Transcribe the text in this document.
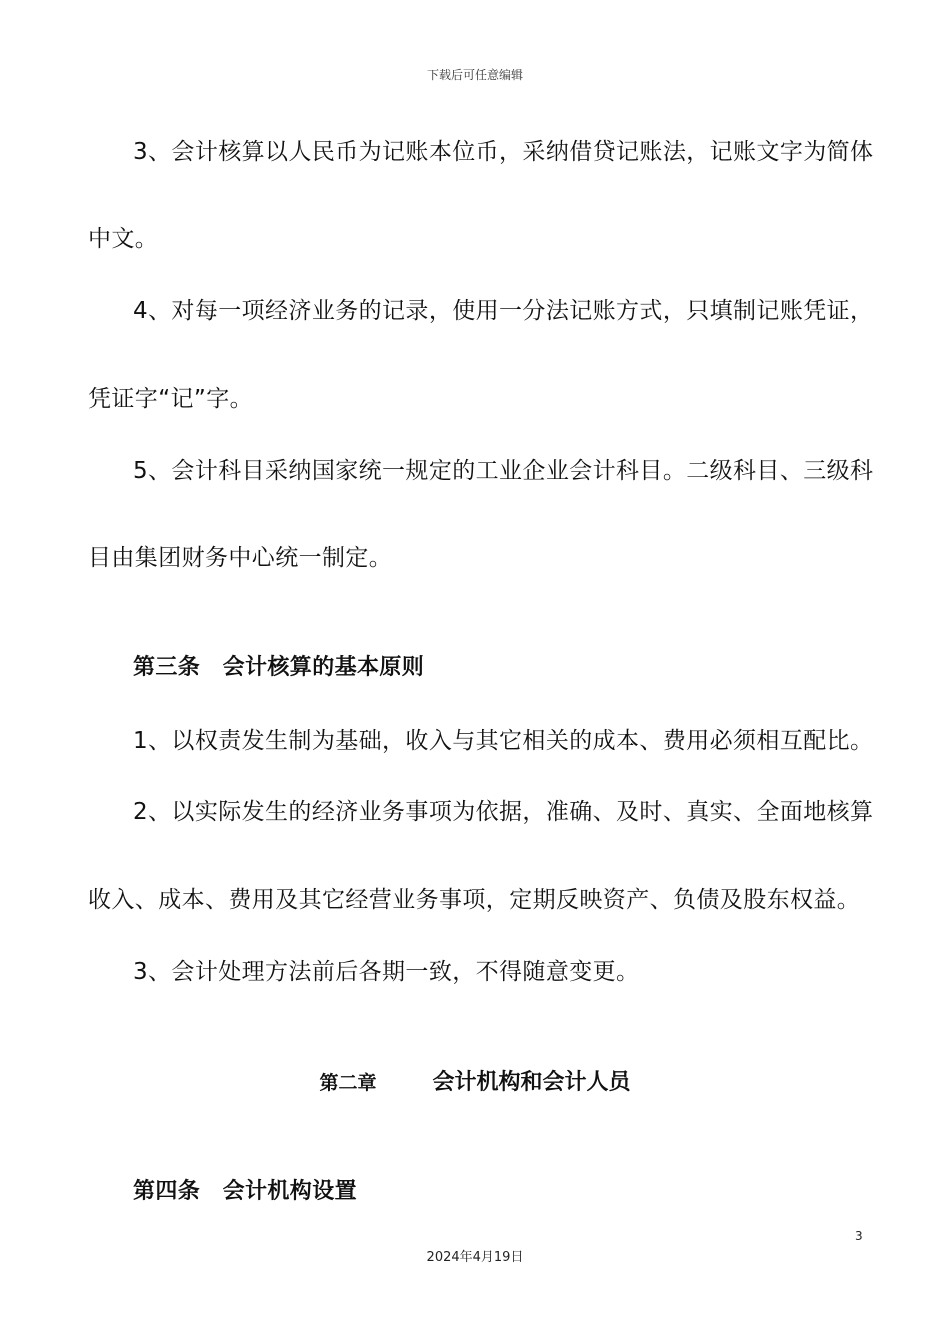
下载后可任意编辑
3、会计核算以人民币为记账本位币，采纳借贷记账法，记账文字为简体
中文。
4、对每一项经济业务的记录，使用一分法记账方式，只填制记账凭证，
凭证字“记”字。
5、会计科目采纳国家统一规定的工业企业会计科目。二级科目、三级科
目由集团财务中心统一制定。
第三条　会计核算的基本原则
1、以权责发生制为基础，收入与其它相关的成本、费用必须相互配比。
2、以实际发生的经济业务事项为依据，准确、及时、真实、全面地核算
收入、成本、费用及其它经营业务事项，定期反映资产、负债及股东权益。
3、会计处理方法前后各期一致，不得随意变更。
第二章	会计机构和会计人员
第四条　会计机构设置
3
2024年4月19日
